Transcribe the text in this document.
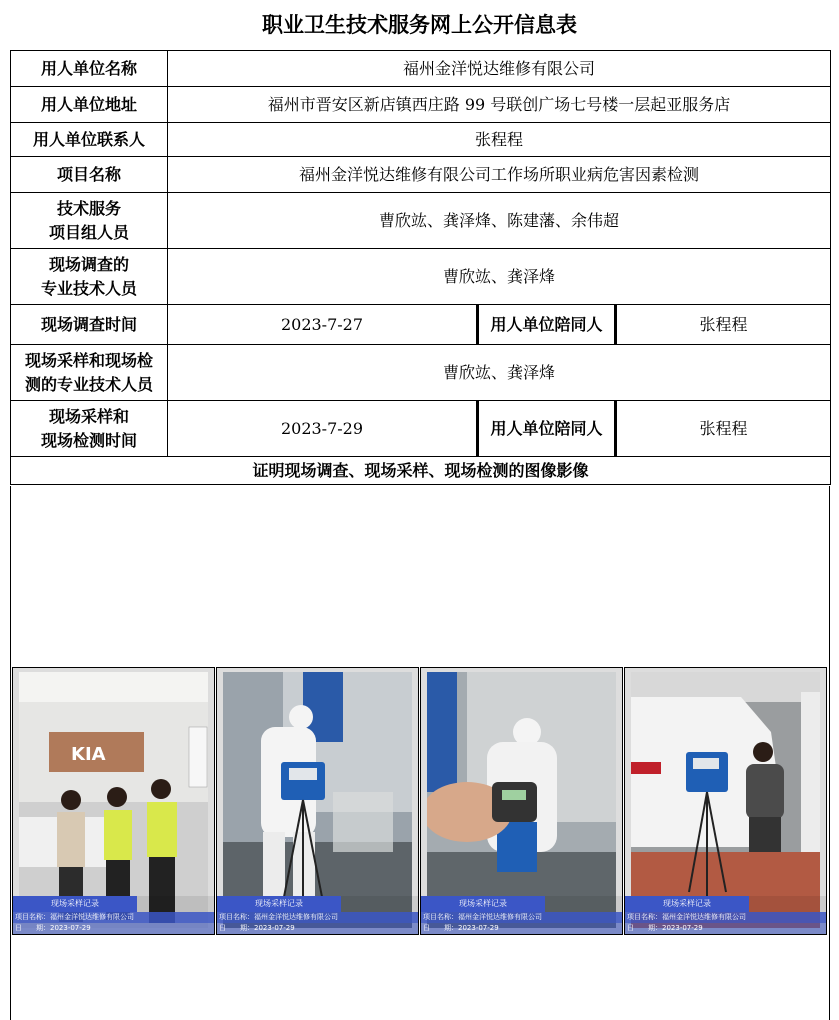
职业卫生技术服务网上公开信息表
用人单位名称	福州金洋悦达维修有限公司		
用人单位地址	福州市晋安区新店镇西庄路 99 号联创广场七号楼一层起亚服务店		
用人单位联系人	张程程		
项目名称	福州金洋悦达维修有限公司工作场所职业病危害因素检测		

技术服务
项目组人员	曹欣竑、龚泽烽、陈建藩、余伟超		

现场调查的
专业技术人员	曹欣竑、龚泽烽		
现场调查时间	2023-7-27	用人单位陪同人	张程程

现场采样和现场检
测的专业技术人员	曹欣竑、龚泽烽		

现场采样和
现场检测时间	2023-7-29	用人单位陪同人	张程程
证明现场调查、现场采样、现场检测的图像影像			
KIA
现场采样记录
项目名称：福州金洋悦达维修有限公司
日　　期：2023-07-29
现场采样记录
项目名称：福州金洋悦达维修有限公司
日　　期：2023-07-29
现场采样记录
项目名称：福州金洋悦达维修有限公司
日　　期：2023-07-29
现场采样记录
项目名称：福州金洋悦达维修有限公司
日　　期：2023-07-29
